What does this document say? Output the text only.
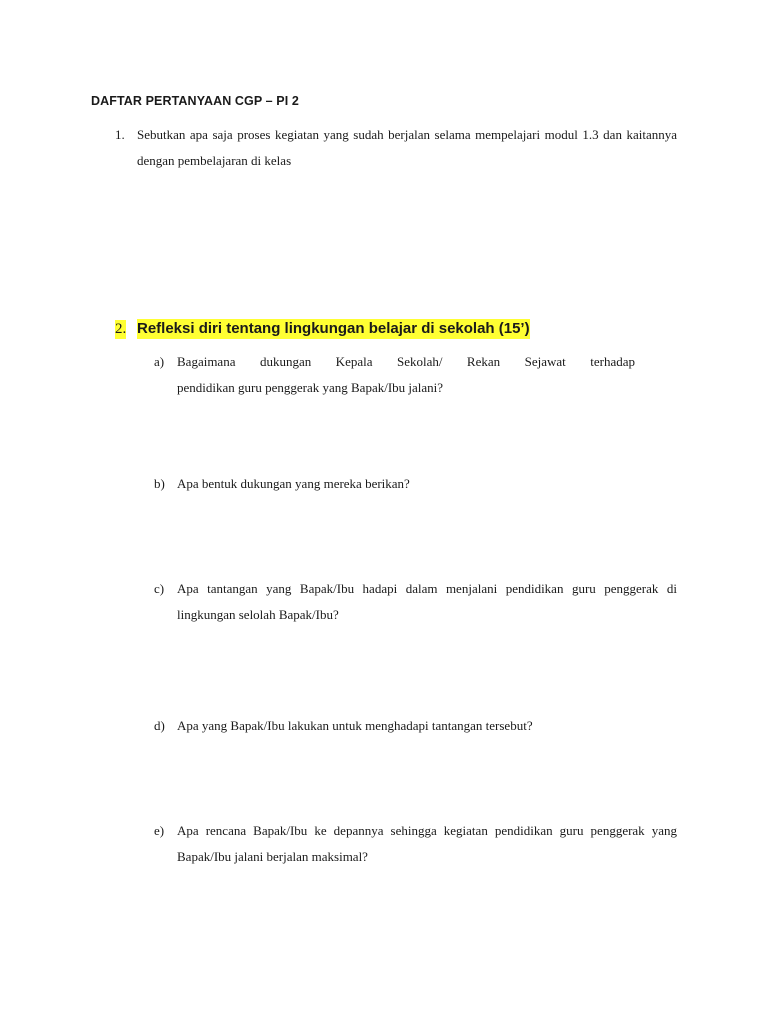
DAFTAR PERTANYAAN CGP – PI 2
1. Sebutkan apa saja proses kegiatan yang sudah berjalan selama mempelajari modul 1.3 dan kaitannya dengan pembelajaran di kelas
2. Refleksi diri tentang lingkungan belajar di sekolah (15’)
a) Bagaimana dukungan Kepala Sekolah/ Rekan Sejawat terhadap
pendidikan guru penggerak yang Bapak/Ibu jalani?
b) Apa bentuk dukungan yang mereka berikan?
c) Apa tantangan yang Bapak/Ibu hadapi dalam menjalani pendidikan guru penggerak di lingkungan selolah Bapak/Ibu?
d) Apa yang Bapak/Ibu lakukan untuk menghadapi tantangan tersebut?
e) Apa rencana Bapak/Ibu ke depannya sehingga kegiatan pendidikan guru penggerak yang Bapak/Ibu jalani berjalan maksimal?
